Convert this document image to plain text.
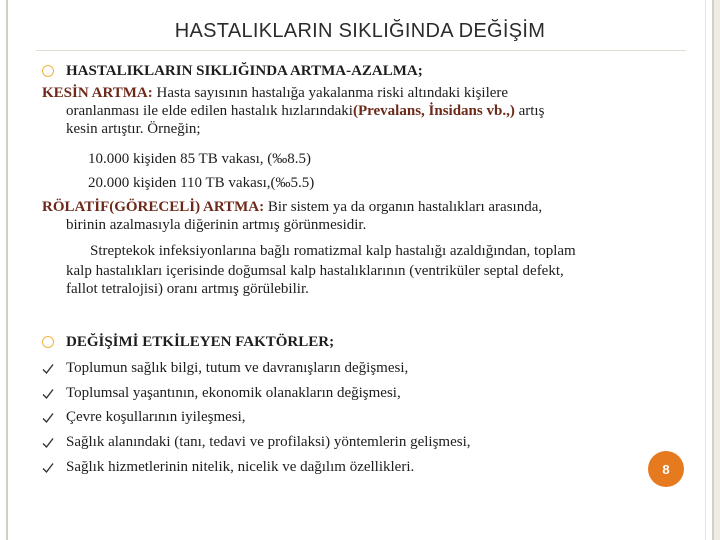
HASTALIKLARIN SIKLIĞINDA DEĞİŞİM
HASTALIKLARIN SIKLIĞINDA ARTMA-AZALMA;
KESİN ARTMA: Hasta sayısının hastalığa yakalanma riski altındaki kişilere
oranlanması ile elde edilen hastalık hızlarındaki(Prevalans, İnsidans vb.,) artış
kesin artıştır. Örneğin;
10.000 kişiden 85 TB vakası, (‰8.5)
20.000 kişiden 110 TB vakası,(‰5.5)
RÖLATİF(GÖRECELİ) ARTMA: Bir sistem ya da organın hastalıkları arasında,
birinin azalmasıyla diğerinin artmış görünmesidir.
Streptekok infeksiyonlarına bağlı romatizmal kalp hastalığı azaldığından, toplam
kalp hastalıkları içerisinde doğumsal kalp hastalıklarının (ventriküler septal defekt,
fallot tetralojisi) oranı artmış görülebilir.
DEĞİŞİMİ ETKİLEYEN FAKTÖRLER;
Toplumun sağlık bilgi, tutum ve davranışların değişmesi,
Toplumsal yaşantının, ekonomik olanakların değişmesi,
Çevre koşullarının iyileşmesi,
Sağlık alanındaki (tanı, tedavi ve profilaksi) yöntemlerin gelişmesi,
Sağlık hizmetlerinin nitelik, nicelik ve dağılım özellikleri.	8
